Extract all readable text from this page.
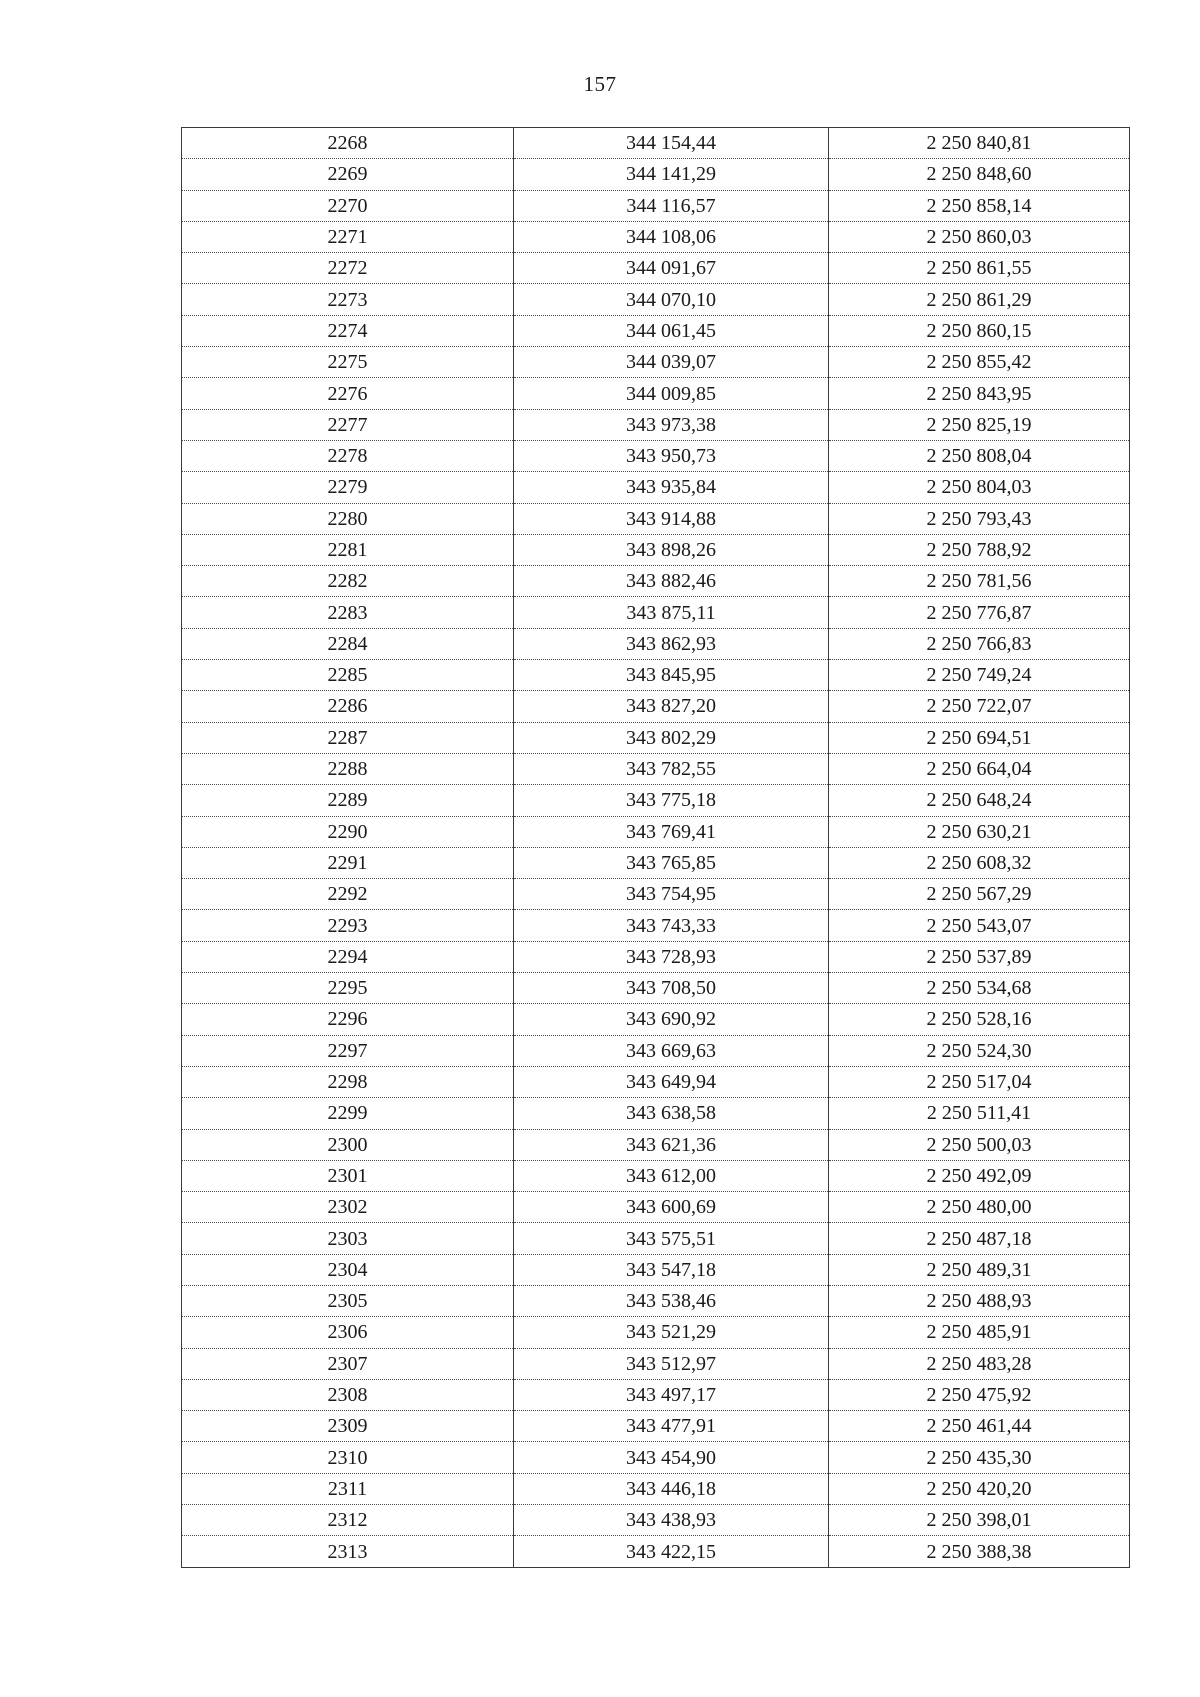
157
2268	344 154,44	2 250 840,81
2269	344 141,29	2 250 848,60
2270	344 116,57	2 250 858,14
2271	344 108,06	2 250 860,03
2272	344 091,67	2 250 861,55
2273	344 070,10	2 250 861,29
2274	344 061,45	2 250 860,15
2275	344 039,07	2 250 855,42
2276	344 009,85	2 250 843,95
2277	343 973,38	2 250 825,19
2278	343 950,73	2 250 808,04
2279	343 935,84	2 250 804,03
2280	343 914,88	2 250 793,43
2281	343 898,26	2 250 788,92
2282	343 882,46	2 250 781,56
2283	343 875,11	2 250 776,87
2284	343 862,93	2 250 766,83
2285	343 845,95	2 250 749,24
2286	343 827,20	2 250 722,07
2287	343 802,29	2 250 694,51
2288	343 782,55	2 250 664,04
2289	343 775,18	2 250 648,24
2290	343 769,41	2 250 630,21
2291	343 765,85	2 250 608,32
2292	343 754,95	2 250 567,29
2293	343 743,33	2 250 543,07
2294	343 728,93	2 250 537,89
2295	343 708,50	2 250 534,68
2296	343 690,92	2 250 528,16
2297	343 669,63	2 250 524,30
2298	343 649,94	2 250 517,04
2299	343 638,58	2 250 511,41
2300	343 621,36	2 250 500,03
2301	343 612,00	2 250 492,09
2302	343 600,69	2 250 480,00
2303	343 575,51	2 250 487,18
2304	343 547,18	2 250 489,31
2305	343 538,46	2 250 488,93
2306	343 521,29	2 250 485,91
2307	343 512,97	2 250 483,28
2308	343 497,17	2 250 475,92
2309	343 477,91	2 250 461,44
2310	343 454,90	2 250 435,30
2311	343 446,18	2 250 420,20
2312	343 438,93	2 250 398,01
2313	343 422,15	2 250 388,38
